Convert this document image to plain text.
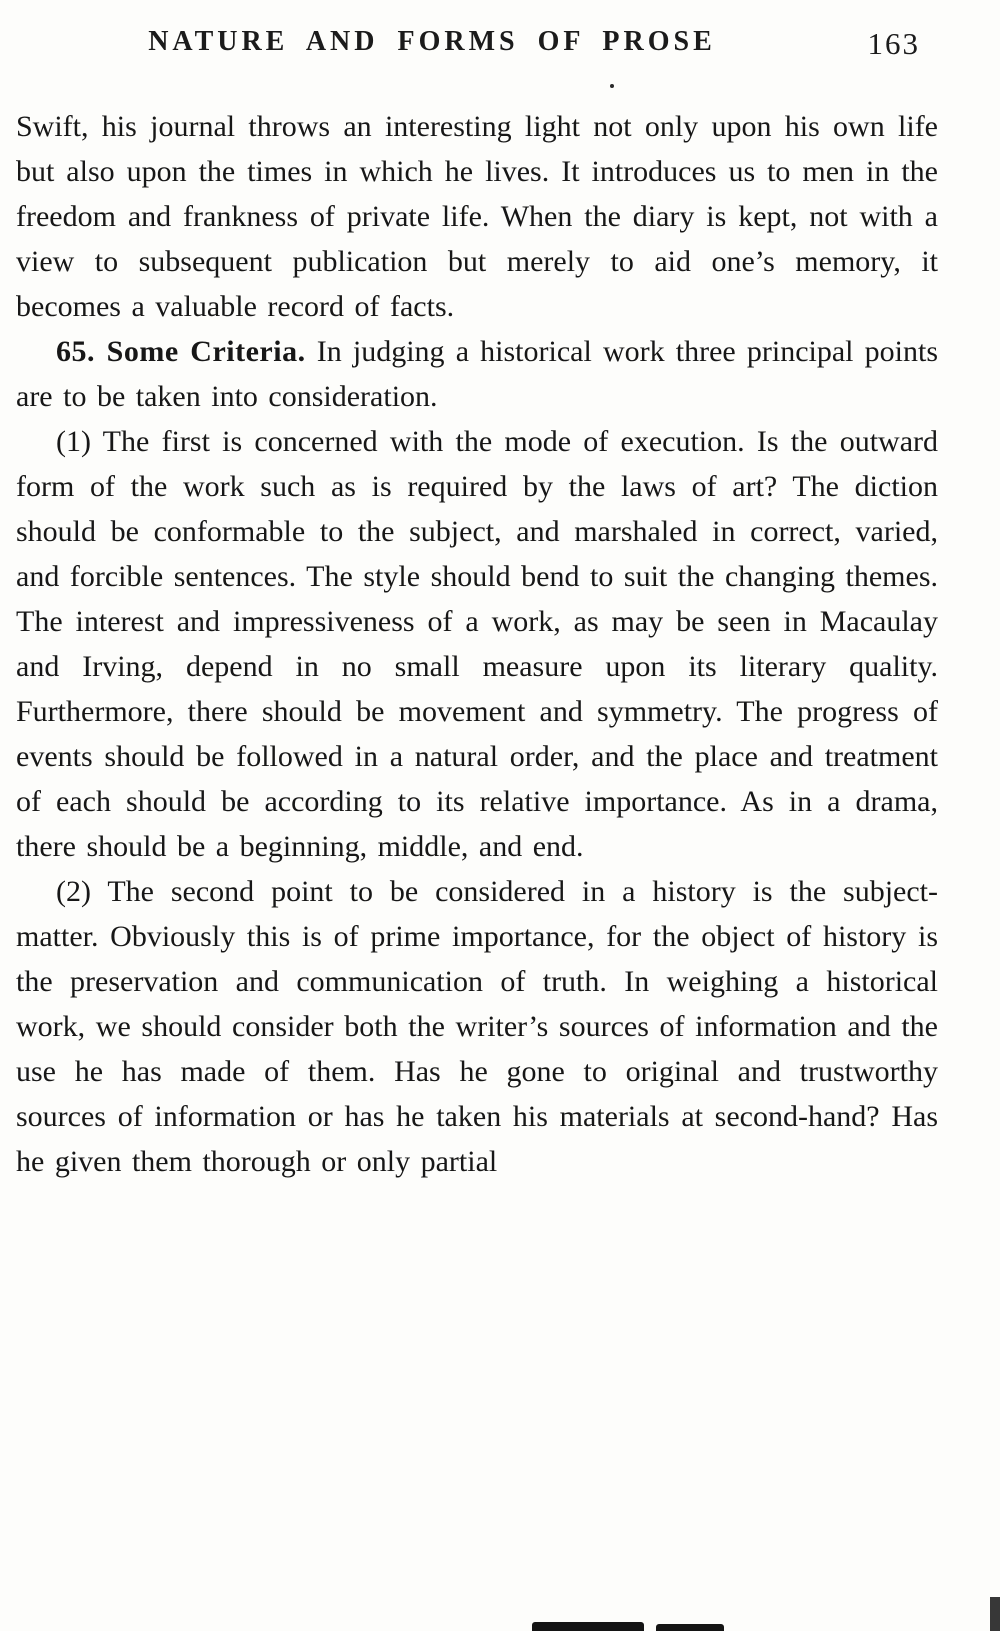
NATURE AND FORMS OF PROSE	163

Swift, his journal throws an interesting light not only upon his own life but also upon the times in which he lives. It introduces us to men in the freedom and frankness of private life. When the diary is kept, not with a view to subsequent publication but merely to aid one’s memory, it becomes a valuable record of facts.

65. Some Criteria. In judging a historical work three principal points are to be taken into consideration.

(1) The first is concerned with the mode of execution. Is the outward form of the work such as is required by the laws of art? The diction should be conformable to the subject, and marshaled in correct, varied, and forcible sentences. The style should bend to suit the changing themes. The interest and impressiveness of a work, as may be seen in Macaulay and Irving, depend in no small measure upon its literary quality. Furthermore, there should be movement and symmetry. The progress of events should be followed in a natural order, and the place and treatment of each should be according to its relative importance. As in a drama, there should be a beginning, middle, and end.

(2) The second point to be considered in a history is the subject-matter. Obviously this is of prime importance, for the object of history is the preservation and communication of truth. In weighing a historical work, we should consider both the writer’s sources of information and the use he has made of them. Has he gone to original and trustworthy sources of information or has he taken his materials at second-hand? Has he given them thorough or only partial
